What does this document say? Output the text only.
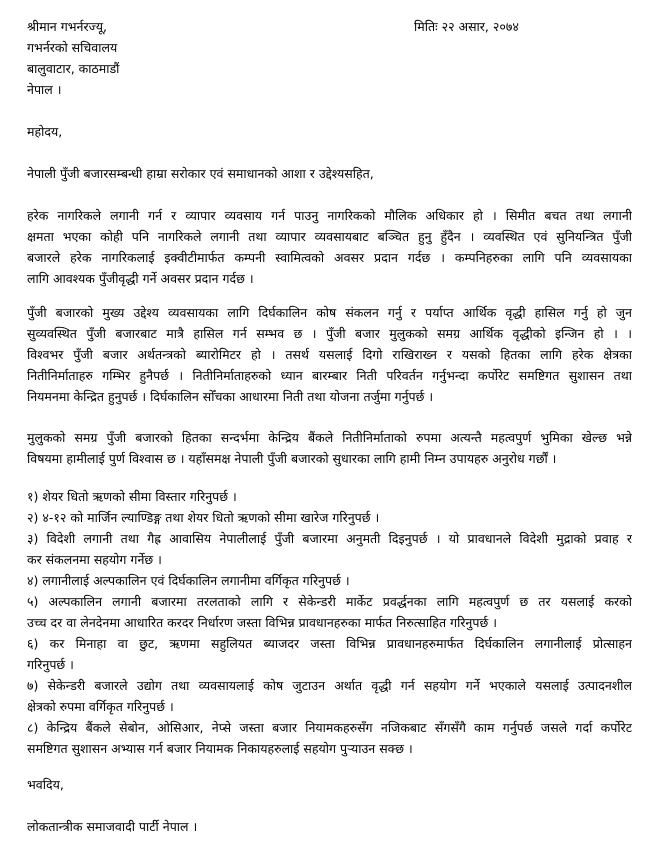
मितिः २२ असार, २०७४
श्रीमान गभर्नरज्यू,
गभर्नरको सचिवालय
बालुवाटार, काठमाडौं
नेपाल ।
महोदय,
नेपाली पुँजी बजारसम्बन्धी हाम्रा सरोकार एवं समाधानको आशा र उद्देश्यसहित,
हरेक नागरिकले लगानी गर्न र व्यापार व्यवसाय गर्न पाउनु नागरिकको मौलिक अधिकार हो । सिमीत बचत तथा लगानी
क्षमता भएका कोही पनि नागरिकले लगानी तथा व्यापार व्यवसायबाट बञ्चित हुनु हुँदैन । व्यवस्थित एवं सुनियन्त्रित पुँजी
बजारले हरेक नागरिकलाई इक्वीटीमार्फत कम्पनी स्वामित्वको अवसर प्रदान गर्दछ । कम्पनिहरुका लागि पनि व्यवसायका
लागि आवश्यक पुँजीवृद्धी गर्ने अवसर प्रदान गर्दछ ।
पुँजी बजारको मुख्य उद्देश्य व्यवसायका लागि दिर्घकालिन कोष संकलन गर्नु र पर्याप्त आर्थिक वृद्धी हासिल गर्नु हो जुन
सुव्यवस्थित पुँजी बजारबाट मात्रै हासिल गर्न सम्भव छ । पुँजी बजार मुलुकको समग्र आर्थिक वृद्धीको इन्जिन हो । ।
विश्वभर पुँजी बजार अर्थतन्त्रको ब्यारोमिटर हो । तसर्थ यसलाई दिगो राखिराख्न र यसको हितका लागि हरेक क्षेत्रका
नितीनिर्माताहरु गम्भिर हुनैपर्छ । नितीनिर्माताहरुको ध्यान बारम्बार निती परिवर्तन गर्नुभन्दा कर्पोरेट समष्टिगत सुशासन तथा
नियमनमा केन्द्रित हुनुपर्छ । दिर्घकालिन सोँचका आधारमा निती तथा योजना तर्जुमा गर्नुपर्छ ।
मुलुकको समग्र पुँजी बजारको हितका सन्दर्भमा केन्द्रिय बैंकले नितीनिर्माताको रुपमा अत्यन्तै महत्वपुर्ण भुमिका खेल्छ भन्ने
विषयमा हामीलाई पुर्ण विश्वास छ । यहाँसमक्ष नेपाली पुँजी बजारको सुधारका लागि हामी निम्न उपायहरु अनुरोध गर्छौं ।
१) शेयर धितो ऋणको सीमा विस्तार गरिनुपर्छ ।
२) ४-१२ को मार्जिन ल्याण्डिङ्ग तथा शेयर धितो ऋणको सीमा खारेज गरिनुपर्छ ।
३) विदेशी लगानी तथा गैह्र आवासिय नेपालीलाई पुँजी बजारमा अनुमती दिइनुपर्छ । यो प्रावधानले विदेशी मुद्राको प्रवाह र
कर संकलनमा सहयोग गर्नेछ ।
४) लगानीलाई अल्पकालिन एवं दिर्घकालिन लगानीमा वर्गिकृत गरिनुपर्छ ।
५) अल्पकालिन लगानी बजारमा तरलताको लागि र सेकेन्डरी मार्केट प्रवर्द्धनका लागि महत्वपुर्ण छ तर यसलाई करको
उच्च दर वा लेनदेनमा आधारित करदर निर्धारण जस्ता विभिन्न प्रावधानहरुका मार्फत निरुत्साहित गरिनुपर्छ ।
६) कर मिनाहा वा छुट, ऋणमा सहुलियत ब्याजदर जस्ता विभिन्न प्रावधानहरुमार्फत दिर्घकालिन लगानीलाई प्रोत्साहन
गरिनुपर्छ ।
७) सेकेन्डरी बजारले उद्योग तथा व्यवसायलाई कोष जुटाउन अर्थात वृद्धी गर्न सहयोग गर्ने भएकाले यसलाई उत्पादनशील
क्षेत्रको रुपमा वर्गिकृत गरिनुपर्छ ।
८) केन्द्रिय बैंकले सेबोन, ओसिआर, नेप्से जस्ता बजार नियामकहरुसँग नजिकबाट सँगसँगै काम गर्नुपर्छ जसले गर्दा कर्पोरेट
समष्टिगत सुशासन अभ्यास गर्न बजार नियामक निकायहरुलाई सहयोग पुर्‍याउन सक्छ ।
भवदिय,
लोकतान्त्रीक समाजवादी पार्टी नेपाल ।
